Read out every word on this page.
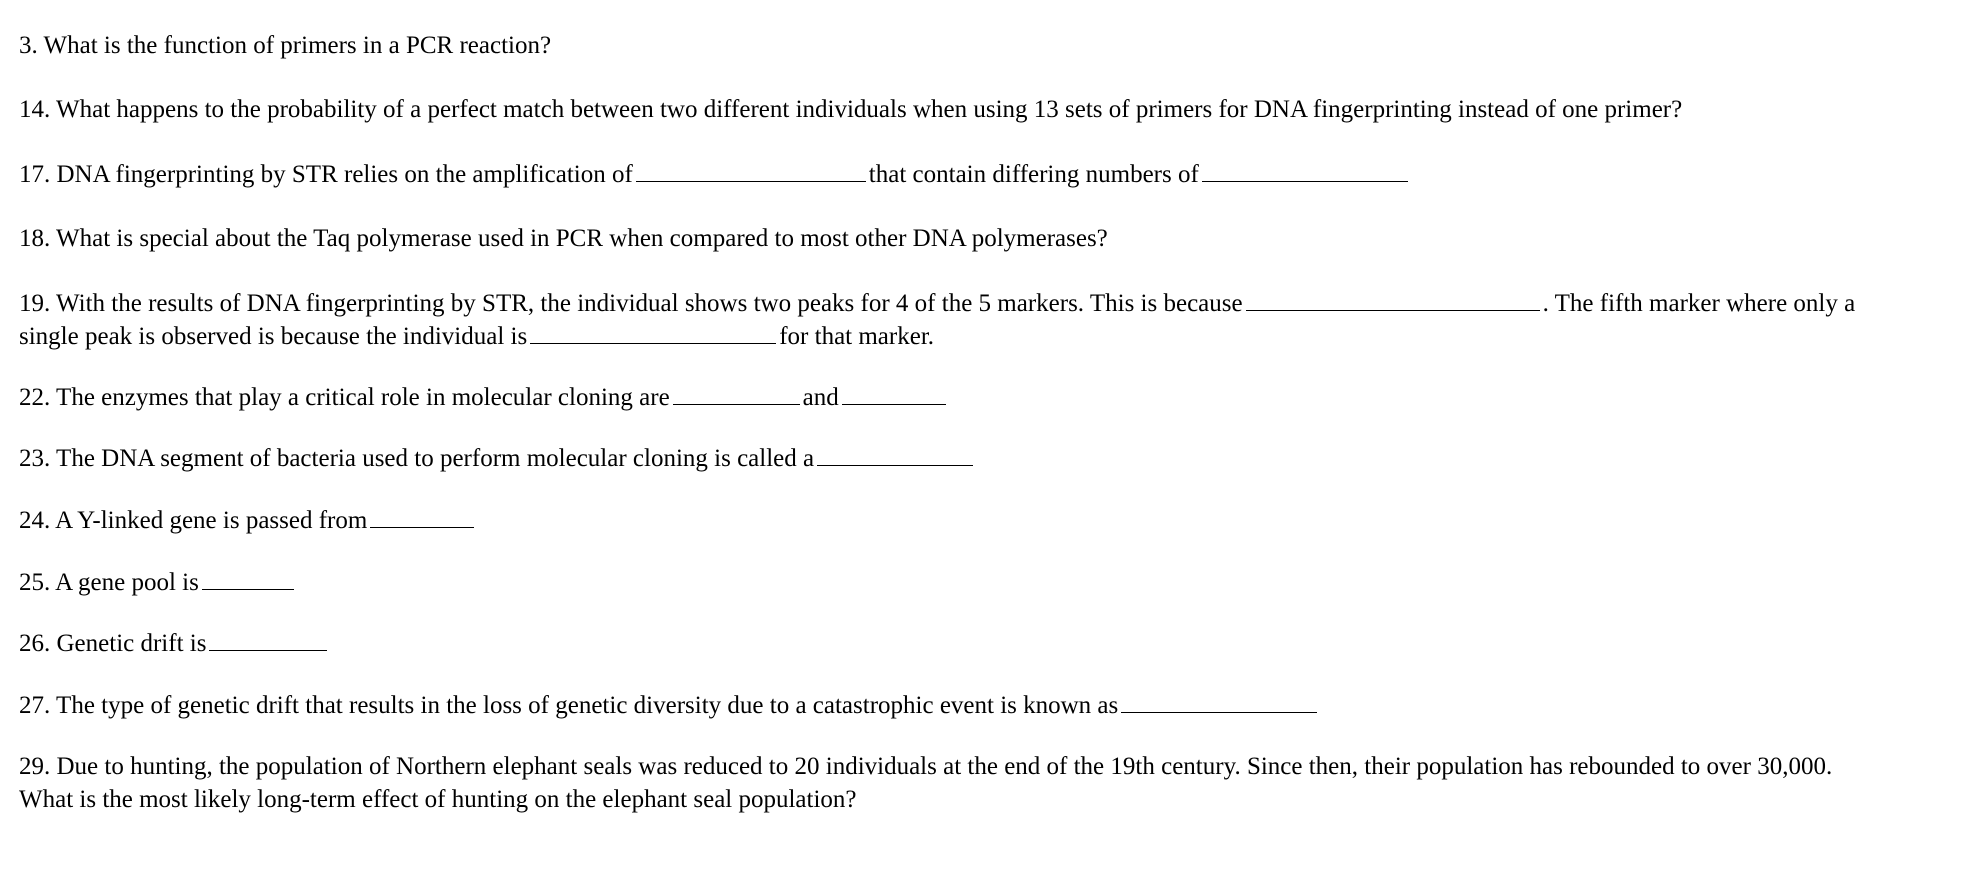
3. What is the function of primers in a PCR reaction?
14. What happens to the probability of a perfect match between two different individuals when using 13 sets of primers for DNA fingerprinting instead of one primer?
17. DNA fingerprinting by STR relies on the amplification of	that contain differing numbers of
18. What is special about the Taq polymerase used in PCR when compared to most other DNA polymerases?
19. With the results of DNA fingerprinting by STR, the individual shows two peaks for 4 of the 5 markers. This is because	. The fifth marker where only a
single peak is observed is because the individual is	for that marker.
22. The enzymes that play a critical role in molecular cloning are	and
23. The DNA segment of bacteria used to perform molecular cloning is called a
24. A Y-linked gene is passed from
25. A gene pool is
26. Genetic drift is
27. The type of genetic drift that results in the loss of genetic diversity due to a catastrophic event is known as
29. Due to hunting, the population of Northern elephant seals was reduced to 20 individuals at the end of the 19th century. Since then, their population has rebounded to over 30,000.
What is the most likely long-term effect of hunting on the elephant seal population?
